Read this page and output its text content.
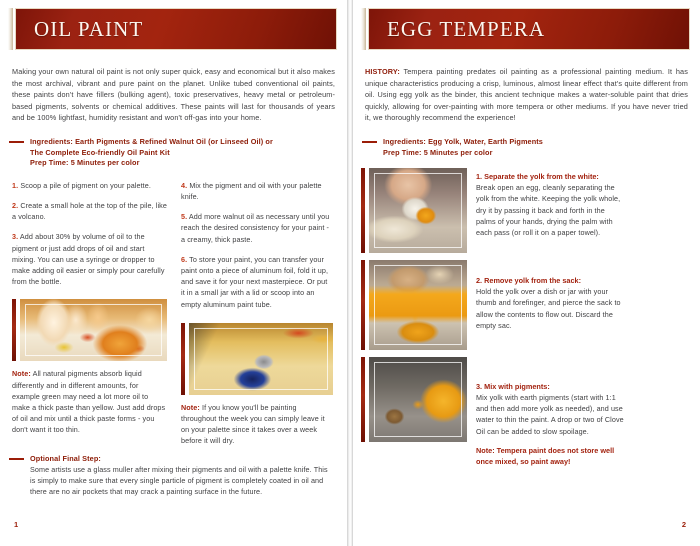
OIL PAINT
Making your own natural oil paint is not only super quick, easy and economical but it also makes the most archival, vibrant and pure paint on the planet. Unlike tubed conventional oil paints, these paints don't have fillers (bulking agent), toxic preservatives, heavy metal or petroleum-based pigments, solvents or chemical additives. These paints will last for thousands of years and be 100% lightfast, humidity resistant and won't off-gas into your home.
Ingredients: Earth Pigments & Refined Walnut Oil (or Linseed Oil) or
The Complete Eco-friendly Oil Paint Kit
Prep Time: 5 Minutes per color
1. Scoop a pile of pigment on your palette.
2. Create a small hole at the top of the pile, like a volcano.
3. Add about 30% by volume of oil to the pigment or just add drops of oil and start mixing. You can use a syringe or dropper to make adding oil easier or simply pour carefully from the bottle.
Note: All natural pigments absorb liquid differently and in different amounts, for example green may need a lot more oil to make a thick paste than yellow. Just add drops of oil and mix until a thick paste forms - you don't want it too thin.
4. Mix the pigment and oil with your palette knife.
5. Add more walnut oil as necessary until you reach the desired consistency for your paint - a creamy, thick paste.
6. To store your paint, you can transfer your paint onto a piece of aluminum foil, fold it up, and save it for your next masterpiece. Or put it in a small jar with a lid or scoop into an empty aluminum paint tube.
Note: If you know you'll be painting throughout the week you can simply leave it on your palette since it takes over a week before it will dry.
Optional Final Step:
Some artists use a glass muller after mixing their pigments and oil with a palette knife. This is simply to make sure that every single particle of pigment is completely coated in oil and there are no air pockets that may crack a painting surface in the future.
1
EGG TEMPERA
HISTORY: Tempera painting predates oil painting as a professional painting medium. It has unique characteristics producing a crisp, luminous, almost linear effect that's quite different from oil. Using egg yolk as the binder, this ancient technique makes a water-soluble paint that dries quickly, allowing for over-painting with more tempera or other mediums. If you have never tried it, we thoroughly recommend the experience!
Ingredients: Egg Yolk, Water, Earth Pigments
Prep Time: 5 Minutes per color
1. Separate the yolk from the white:
Break open an egg, cleanly separating the yolk from the white. Keeping the yolk whole, dry it by passing it back and forth in the palms of your hands, drying the palm with each pass (or roll it on a paper towel).
2. Remove yolk from the sack:
Hold the yolk over a dish or jar with your thumb and forefinger, and pierce the sack to allow the contents to flow out. Discard the empty sac.
3. Mix with pigments:
Mix yolk with earth pigments (start with 1:1 and then add more yolk as needed), and use water to thin the paint. A drop or two of Clove Oil can be added to slow spoilage.
Note: Tempera paint does not store well once mixed, so paint away!
2
